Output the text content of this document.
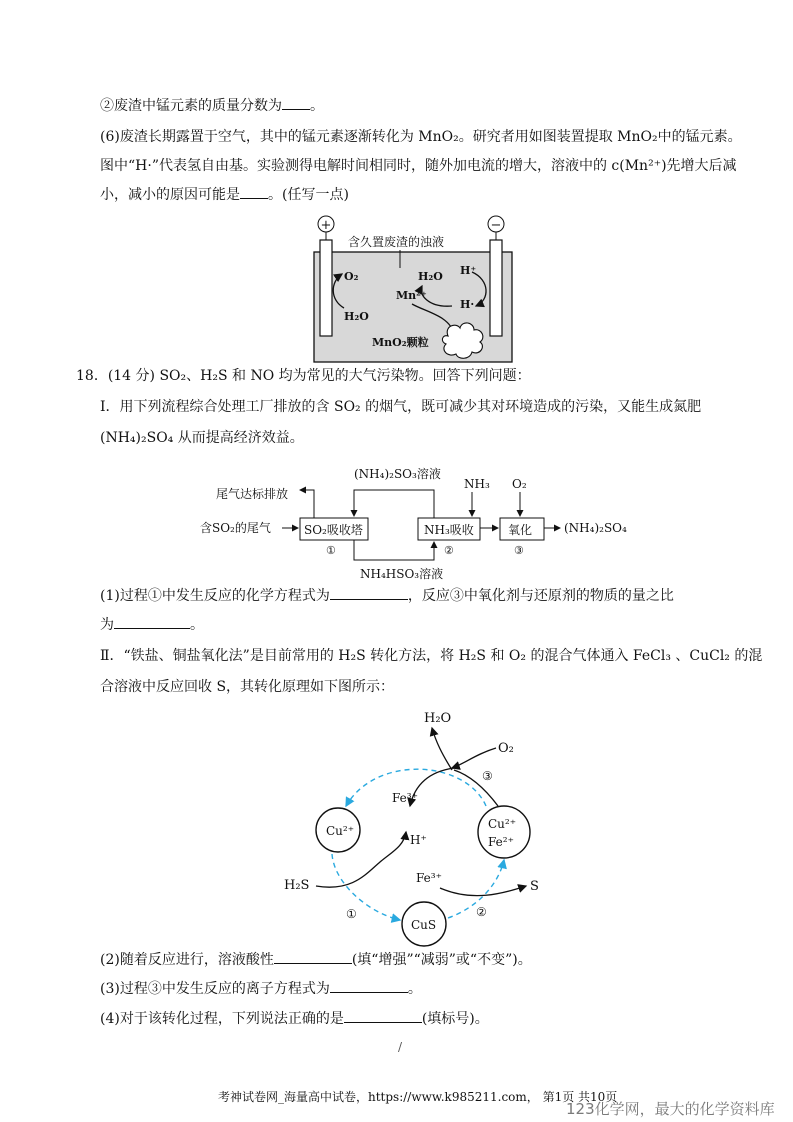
②废渣中锰元素的质量分数为 。
(6)废渣长期露置于空气，其中的锰元素逐渐转化为 MnO₂。研究者用如图装置提取 MnO₂中的锰元素。
图中“H·”代表氢自由基。实验测得电解时间相同时，随外加电流的增大，溶液中的 c(Mn²⁺)先增大后减
小，减小的原因可能是 。(任写一点)
+	−
含久置废渣的浊液
O₂
H₂O
H₂O
Mn²⁺
H⁺
H·
MnO₂颗粒
18．(14 分) SO₂、H₂S 和 NO 均为常见的大气污染物。回答下列问题：
Ⅰ．用下列流程综合处理工厂排放的含 SO₂ 的烟气，既可减少其对环境造成的污染，又能生成氮肥
(NH₄)₂SO₄ 从而提高经济效益。
尾气达标排放
(NH₄)₂SO₃溶液
NH₃ O₂
含SO₂的尾气	SO₂吸收塔	NH₃吸收	氧化	(NH₄)₂SO₄
①	②	③
NH₄HSO₃溶液
(1)过程①中发生反应的化学方程式为	，反应③中氧化剂与还原剂的物质的量之比
为	。
Ⅱ．“铁盐、铜盐氧化法”是目前常用的 H₂S 转化方法，将 H₂S 和 O₂ 的混合气体通入 FeCl₃ 、CuCl₂ 的混
合溶液中反应回收 S，其转化原理如下图所示：
H₂O
O₂
③
Fe³⁺
Cu²⁺
H⁺
Cu²⁺
Fe²⁺
Fe³⁺
H₂S
①
CuS
②
S
(2)随着反应进行，溶液酸性	(填“增强”“减弱”或“不变”)。
(3)过程③中发生反应的离子方程式为	。
(4)对于该转化过程，下列说法正确的是	(填标号)。
/
考神试卷网_海量高中试卷，https://www.k985211.com， 第1页 共10页
123化学网，最大的化学资料库
